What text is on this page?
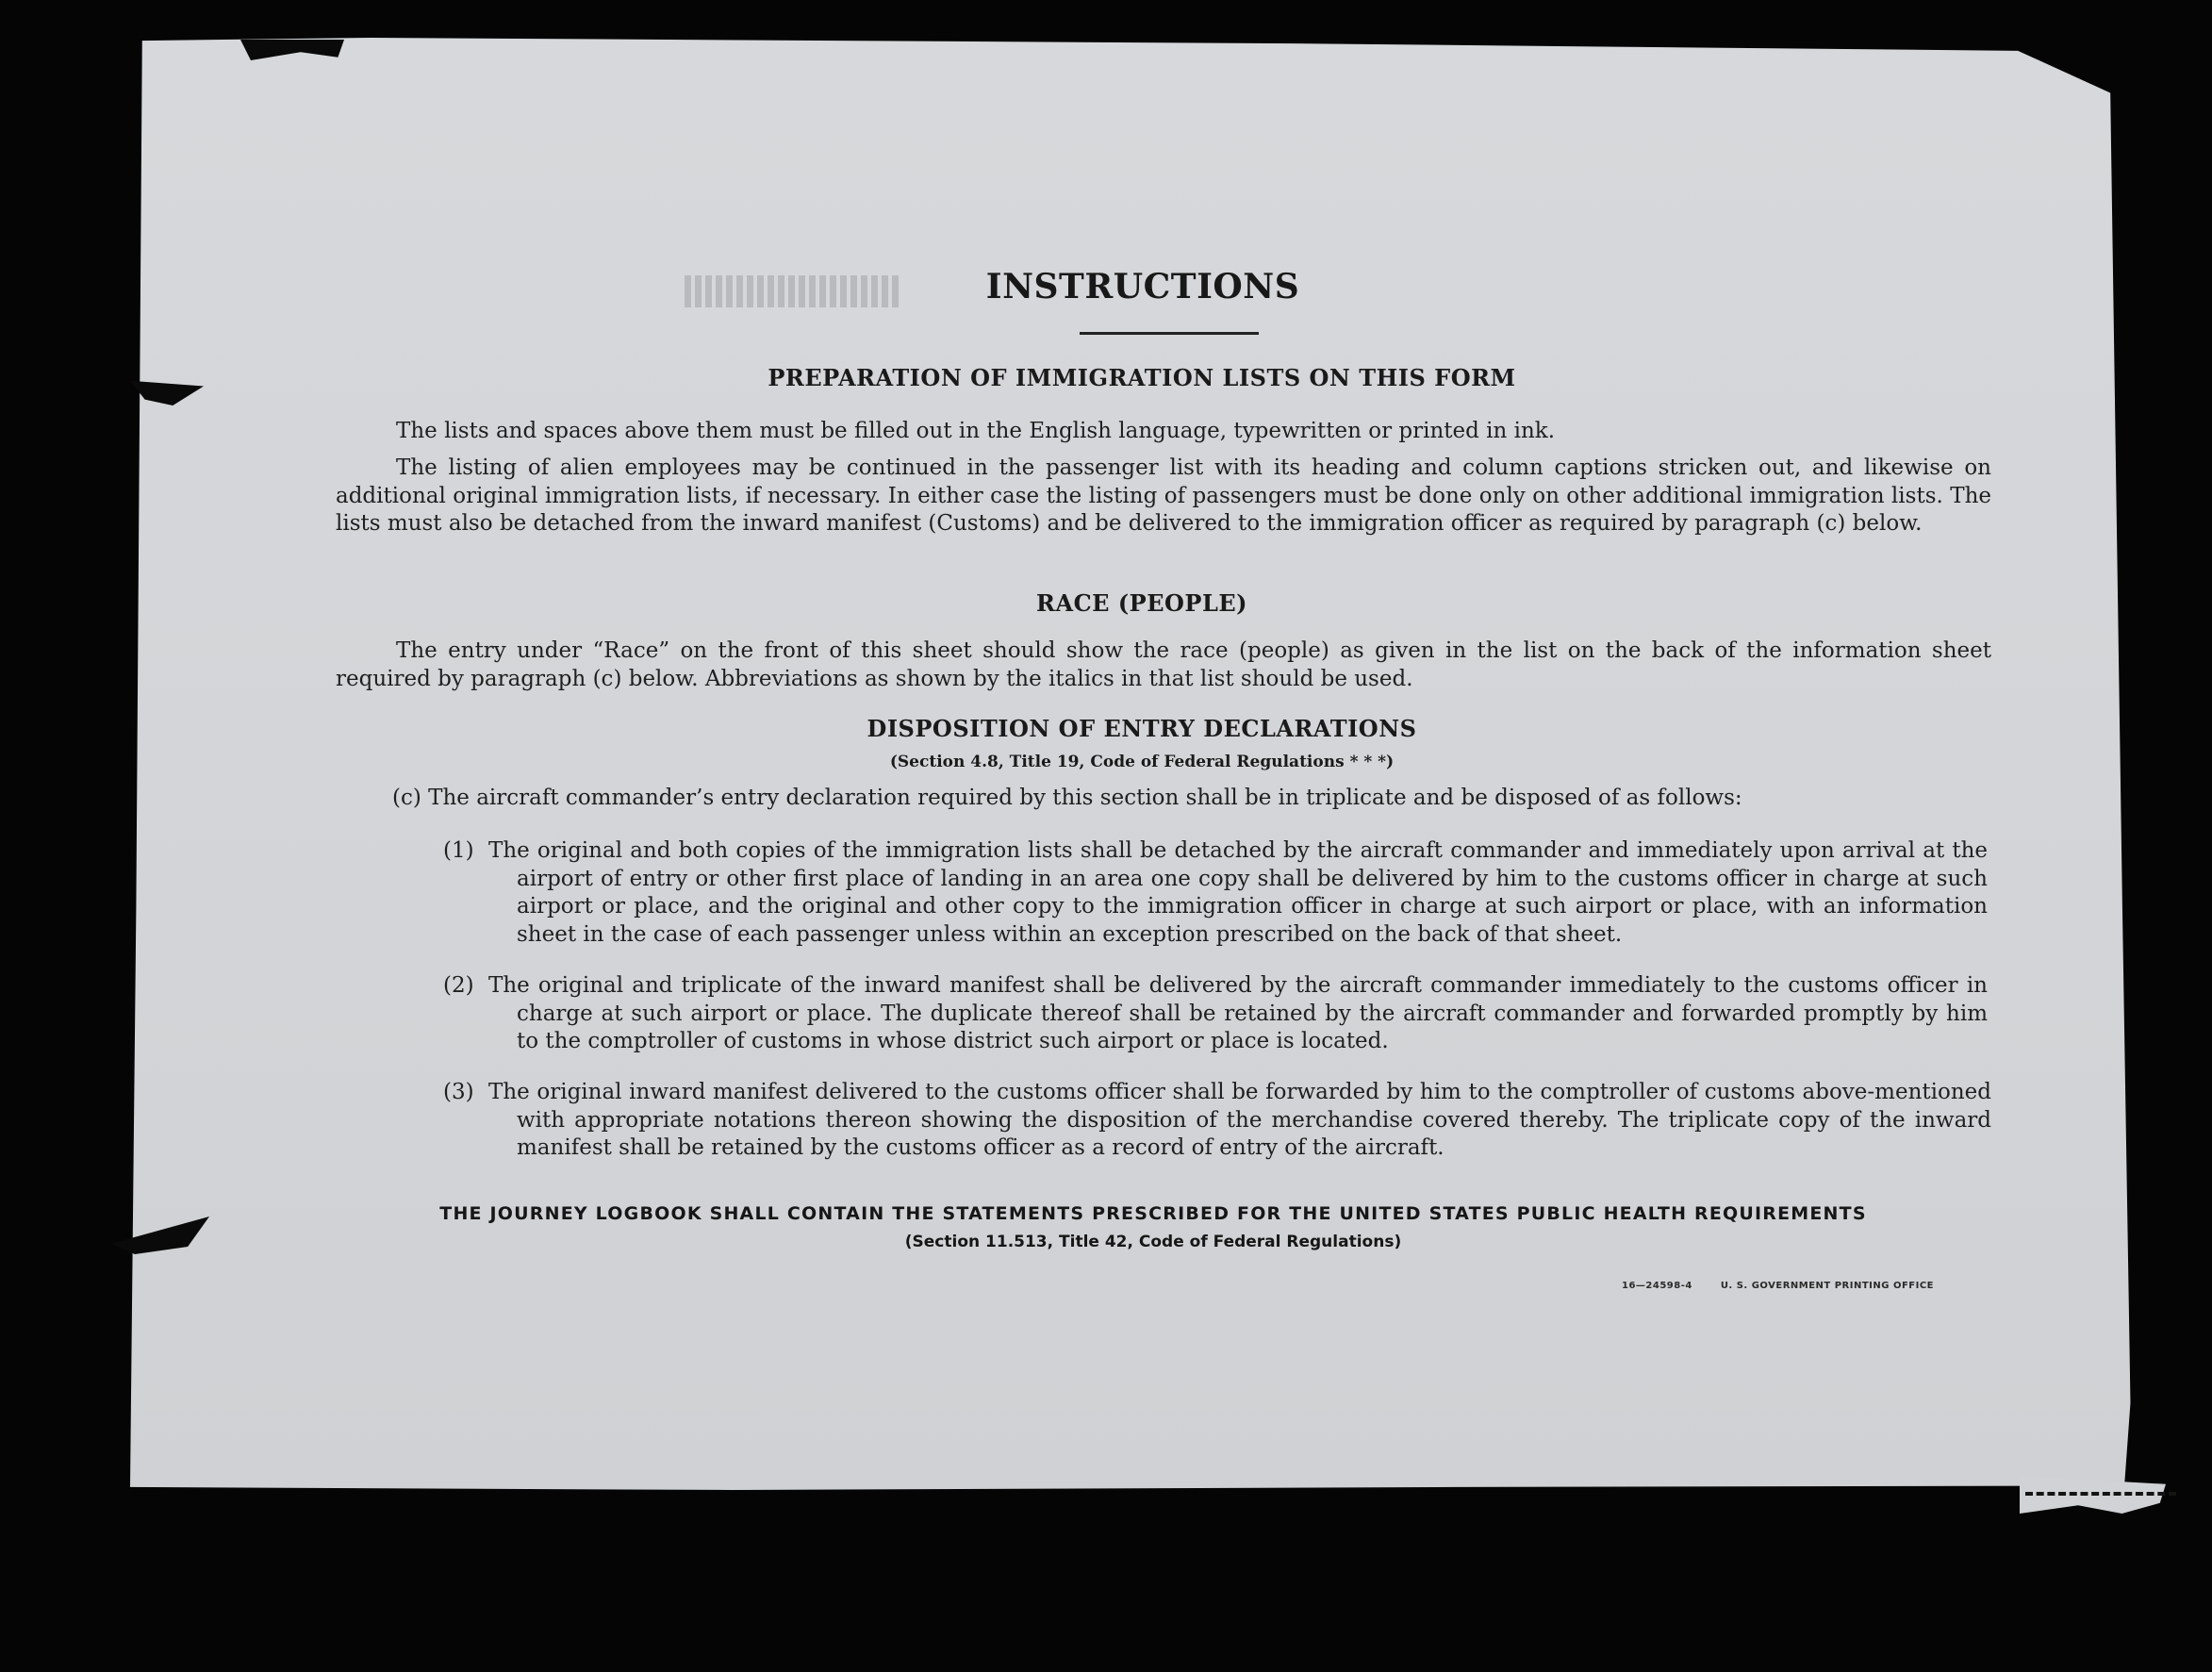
INSTRUCTIONS
PREPARATION OF IMMIGRATION LISTS ON THIS FORM
The lists and spaces above them must be filled out in the English language, typewritten or printed in ink.
The listing of alien employees may be continued in the passenger list with its heading and column captions stricken out, and likewise on additional original immigration lists, if necessary. In either case the listing of passengers must be done only on other additional immigration lists. The lists must also be detached from the inward manifest (Customs) and be delivered to the immigration officer as required by paragraph (c) below.
RACE (PEOPLE)
The entry under “Race” on the front of this sheet should show the race (people) as given in the list on the back of the information sheet required by paragraph (c) below. Abbreviations as shown by the italics in that list should be used.
DISPOSITION OF ENTRY DECLARATIONS
(Section 4.8, Title 19, Code of Federal Regulations * * *)
(c) The aircraft commander’s entry declaration required by this section shall be in triplicate and be disposed of as follows:
(1) The original and both copies of the immigration lists shall be detached by the aircraft commander and immediately upon arrival at the airport of entry or other first place of landing in an area one copy shall be delivered by him to the customs officer in charge at such airport or place, and the original and other copy to the immigration officer in charge at such airport or place, with an information sheet in the case of each passenger unless within an exception prescribed on the back of that sheet.
(2) The original and triplicate of the inward manifest shall be delivered by the aircraft commander immediately to the customs officer in charge at such airport or place. The duplicate thereof shall be retained by the aircraft commander and forwarded promptly by him to the comptroller of customs in whose district such airport or place is located.
(3) The original inward manifest delivered to the customs officer shall be forwarded by him to the comptroller of customs above-mentioned with appropriate notations thereon showing the disposition of the merchandise covered thereby. The triplicate copy of the inward manifest shall be retained by the customs officer as a record of entry of the aircraft.
THE JOURNEY LOGBOOK SHALL CONTAIN THE STATEMENTS PRESCRIBED FOR THE UNITED STATES PUBLIC HEALTH REQUIREMENTS
(Section 11.513, Title 42, Code of Federal Regulations)
16—24598-4	U. S. GOVERNMENT PRINTING OFFICE
